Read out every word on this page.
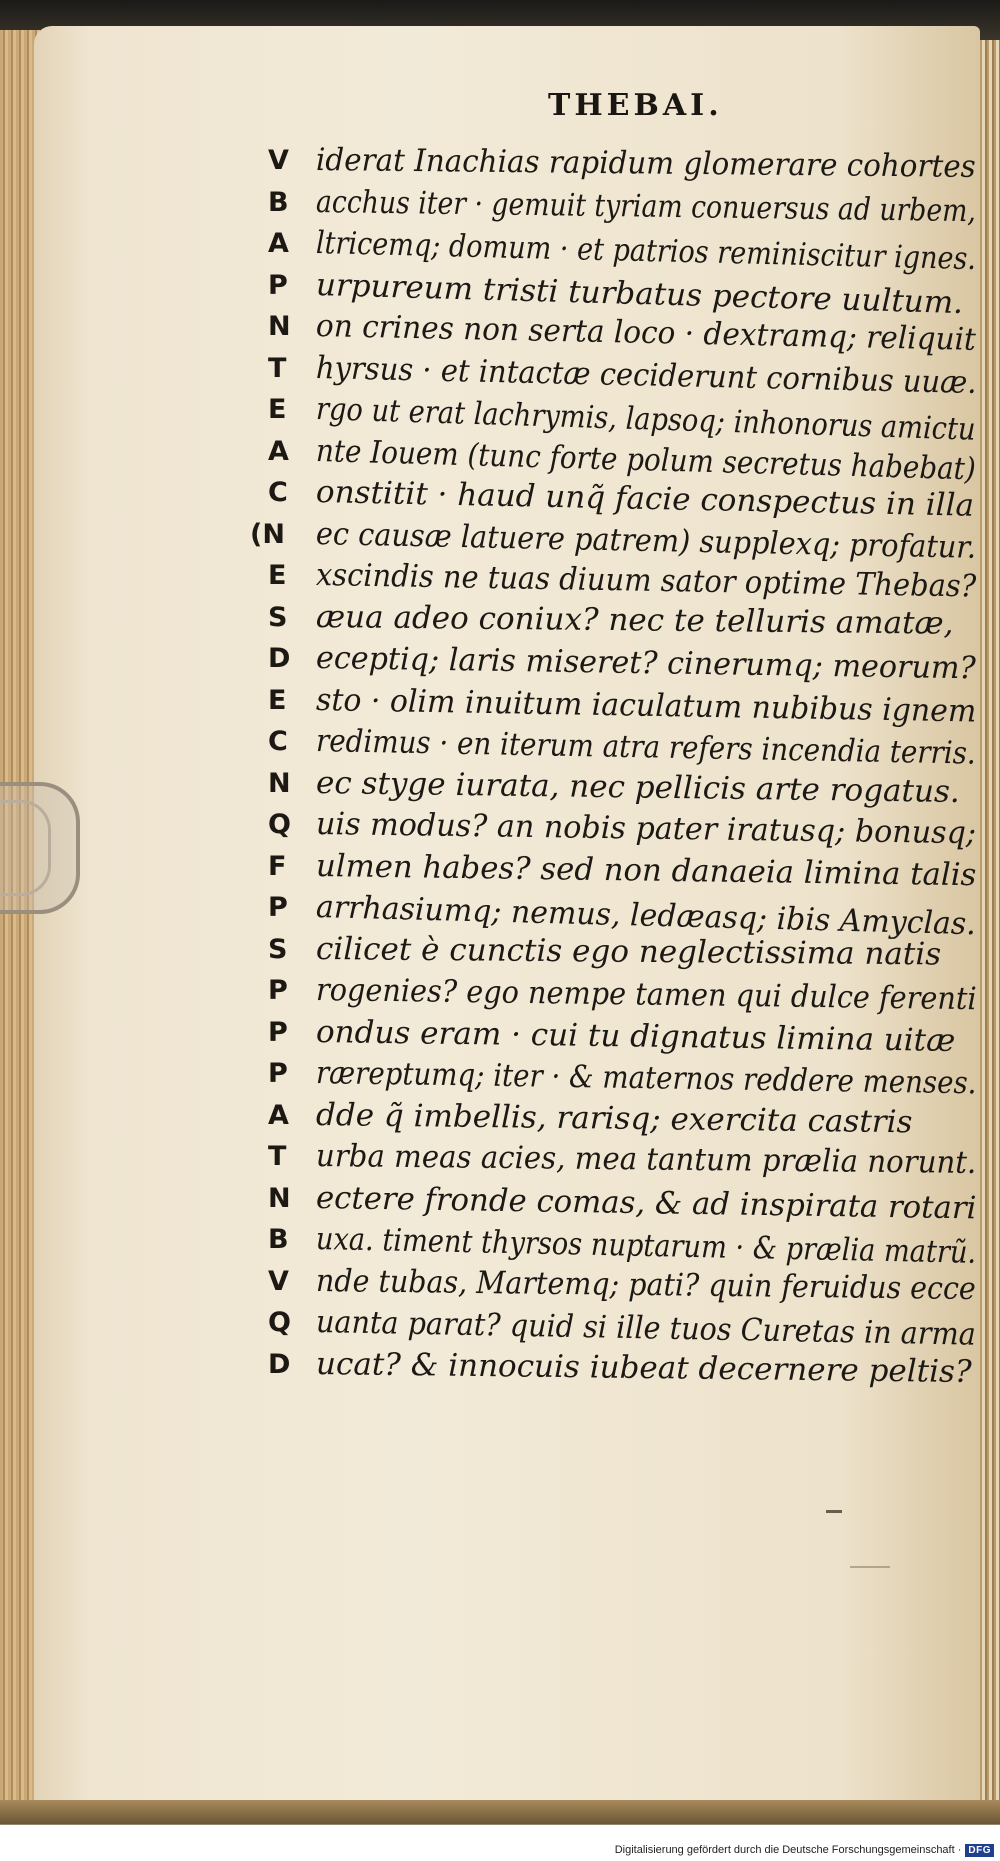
THEBAI.
V iderat Inachias rapidum glomerare cohortes
B acchus iter · gemuit tyriam conuersus ad urbem,
A ltricemq; domum · et patrios reminiscitur ignes.
P urpureum tristi turbatus pectore uultum.
N on crines non serta loco · dextramq; reliquit
T hyrsus · et intactæ ceciderunt cornibus uuæ.
E rgo ut erat lachrymis, lapsoq; inhonorus amictu
A nte Iouem (tunc forte polum secretus habebat)
C onstitit · haud unq̃ facie conspectus in illa
(N ec causæ latuere patrem) supplexq; profatur.
E xscindis ne tuas diuum sator optime Thebas?
S æua adeo coniux? nec te telluris amatæ,
D eceptiq; laris miseret? cinerumq; meorum?
E sto · olim inuitum iaculatum nubibus ignem
C redimus · en iterum atra refers incendia terris.
N ec styge iurata, nec pellicis arte rogatus.
Q uis modus? an nobis pater iratusq; bonusq;
F ulmen habes? sed non danaeia limina talis
P arrhasiumq; nemus, ledæasq; ibis Amyclas.
S cilicet è cunctis ego neglectissima natis
P rogenies? ego nempe tamen qui dulce ferenti
P ondus eram · cui tu dignatus limina uitæ
P ræreptumq; iter · & maternos reddere menses.
A dde q̃ imbellis, rarisq; exercita castris
T urba meas acies, mea tantum prælia norunt.
N ectere fronde comas, & ad inspirata rotari
B uxa. timent thyrsos nuptarum · & prælia matrũ.
V nde tubas, Martemq; pati? quin feruidus ecce
Q uanta parat? quid si ille tuos Curetas in arma
D ucat? & innocuis iubeat decernere peltis?
Digitalisierung gefördert durch die Deutsche Forschungsgemeinschaft · DFG
